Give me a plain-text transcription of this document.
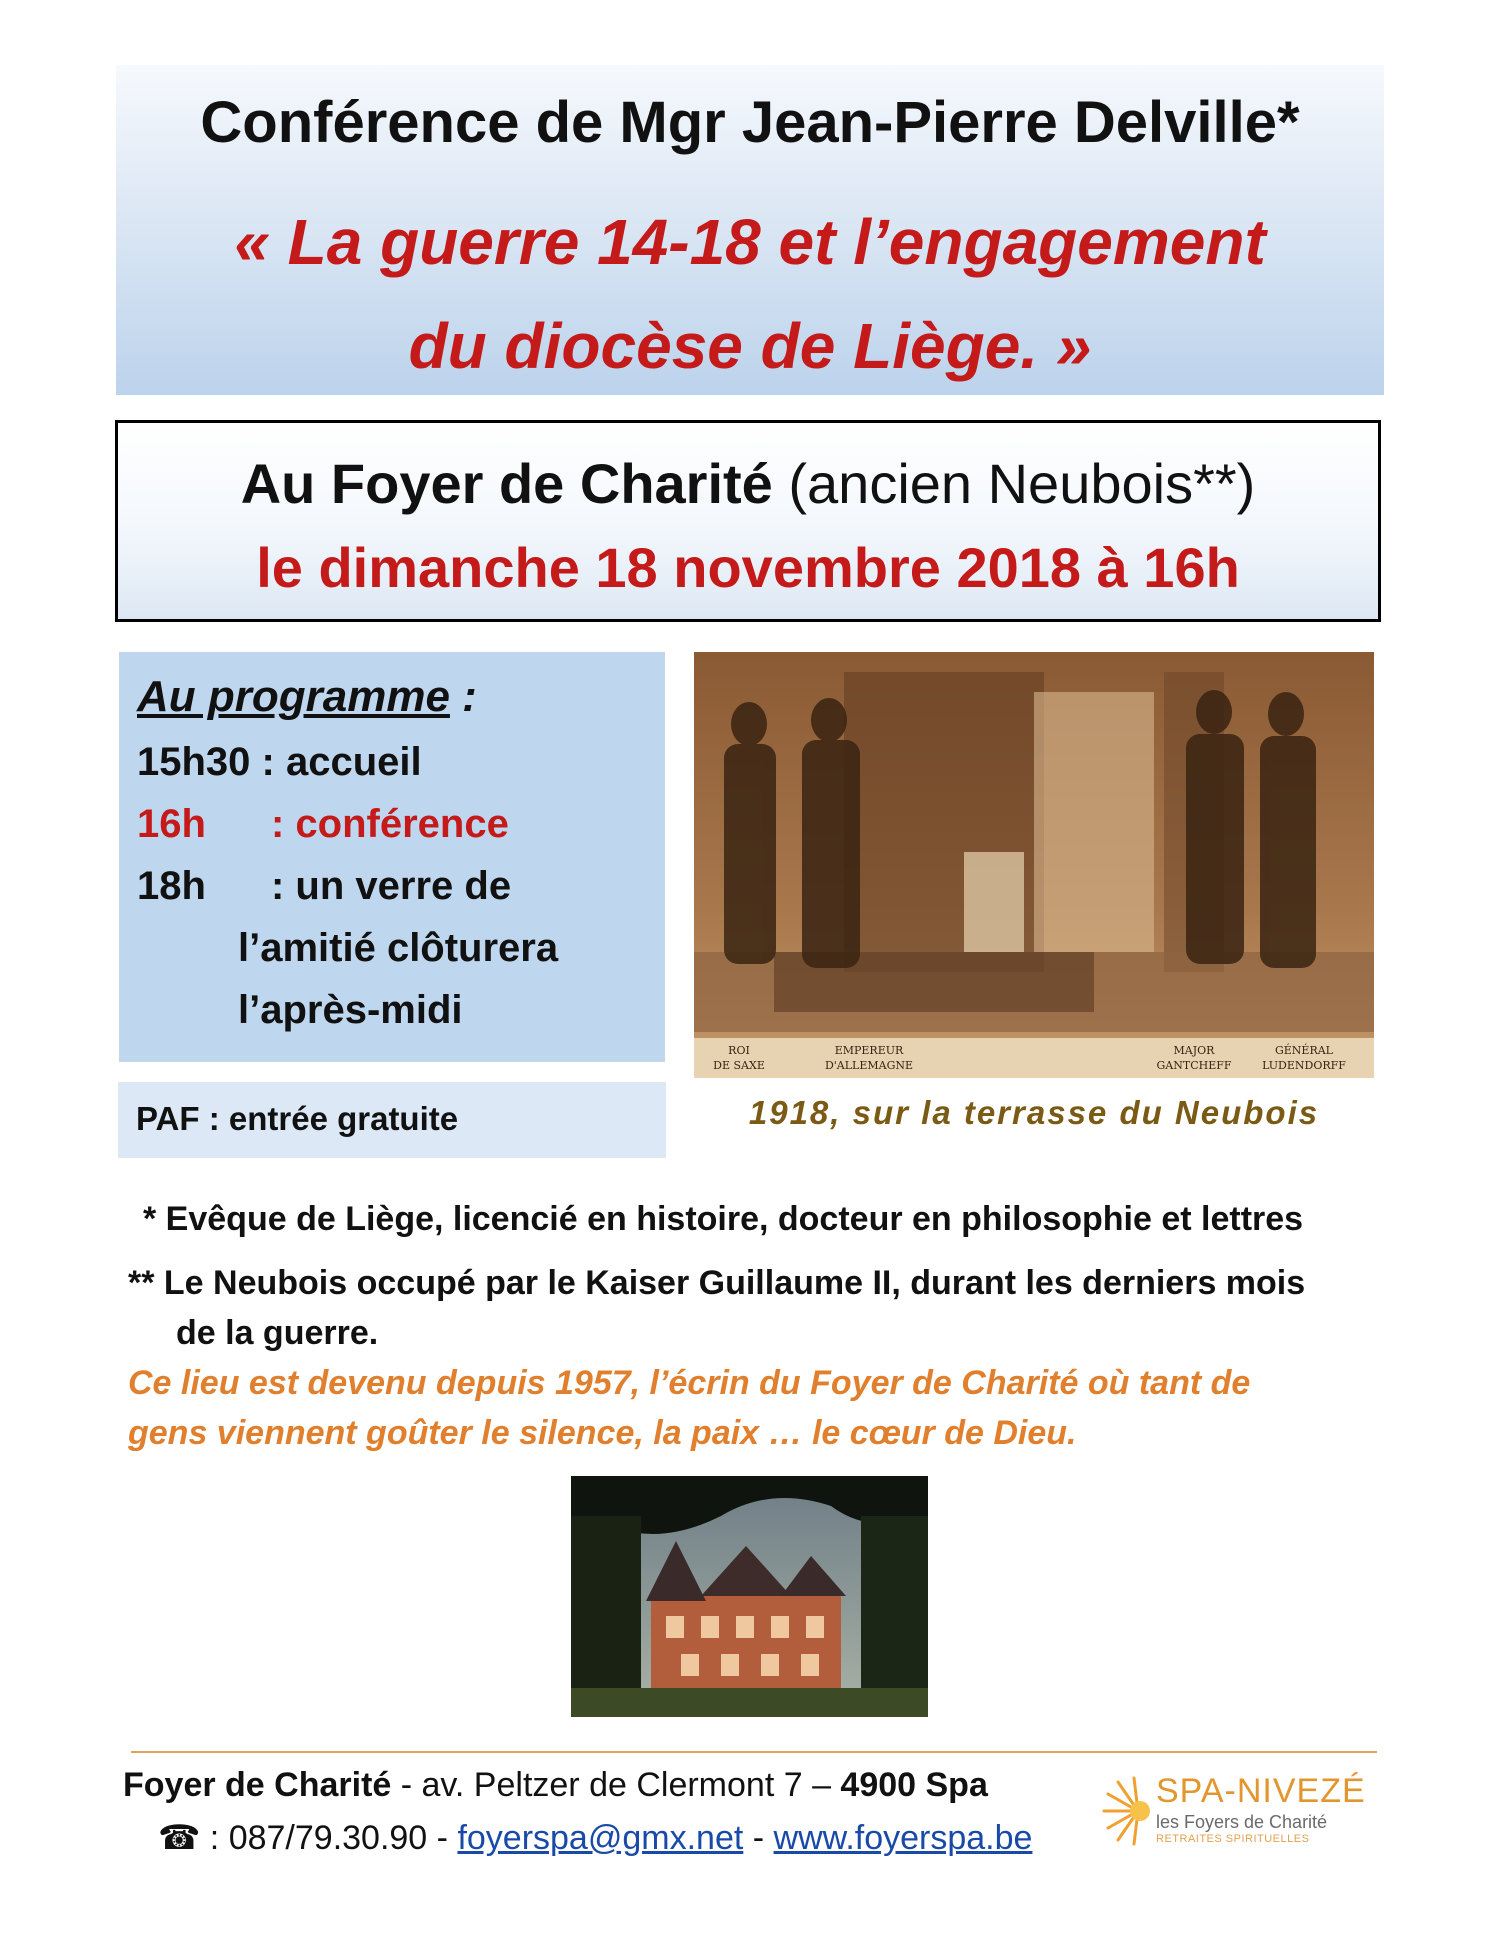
Conférence de Mgr Jean-Pierre Delville*
« La guerre 14-18 et l’engagement
du diocèse de Liège. »
Au Foyer de Charité (ancien Neubois**)
le dimanche 18 novembre 2018 à 16h
Au programme :
15h30 : accueil
16h : conférence
18h : un verre de
l’amitié clôturera
l’après-midi
PAF : entrée gratuite
ROI
DE SAXE
EMPEREUR
D'ALLEMAGNE
MAJOR
GANTCHEFF
GÉNÉRAL
LUDENDORFF
1918, sur la terrasse du Neubois
* Evêque de Liège, licencié en histoire, docteur en philosophie et lettres
** Le Neubois occupé par le Kaiser Guillaume II, durant les derniers mois
de la guerre.
Ce lieu est devenu depuis 1957, l’écrin du Foyer de Charité où tant de
gens viennent goûter le silence, la paix … le cœur de Dieu.
Foyer de Charité - av. Peltzer de Clermont 7 – 4900 Spa
☎ : 087/79.30.90 - foyerspa@gmx.net - www.foyerspa.be
SPA-NIVEZÉ
les Foyers de Charité
RETRAITES SPIRITUELLES
